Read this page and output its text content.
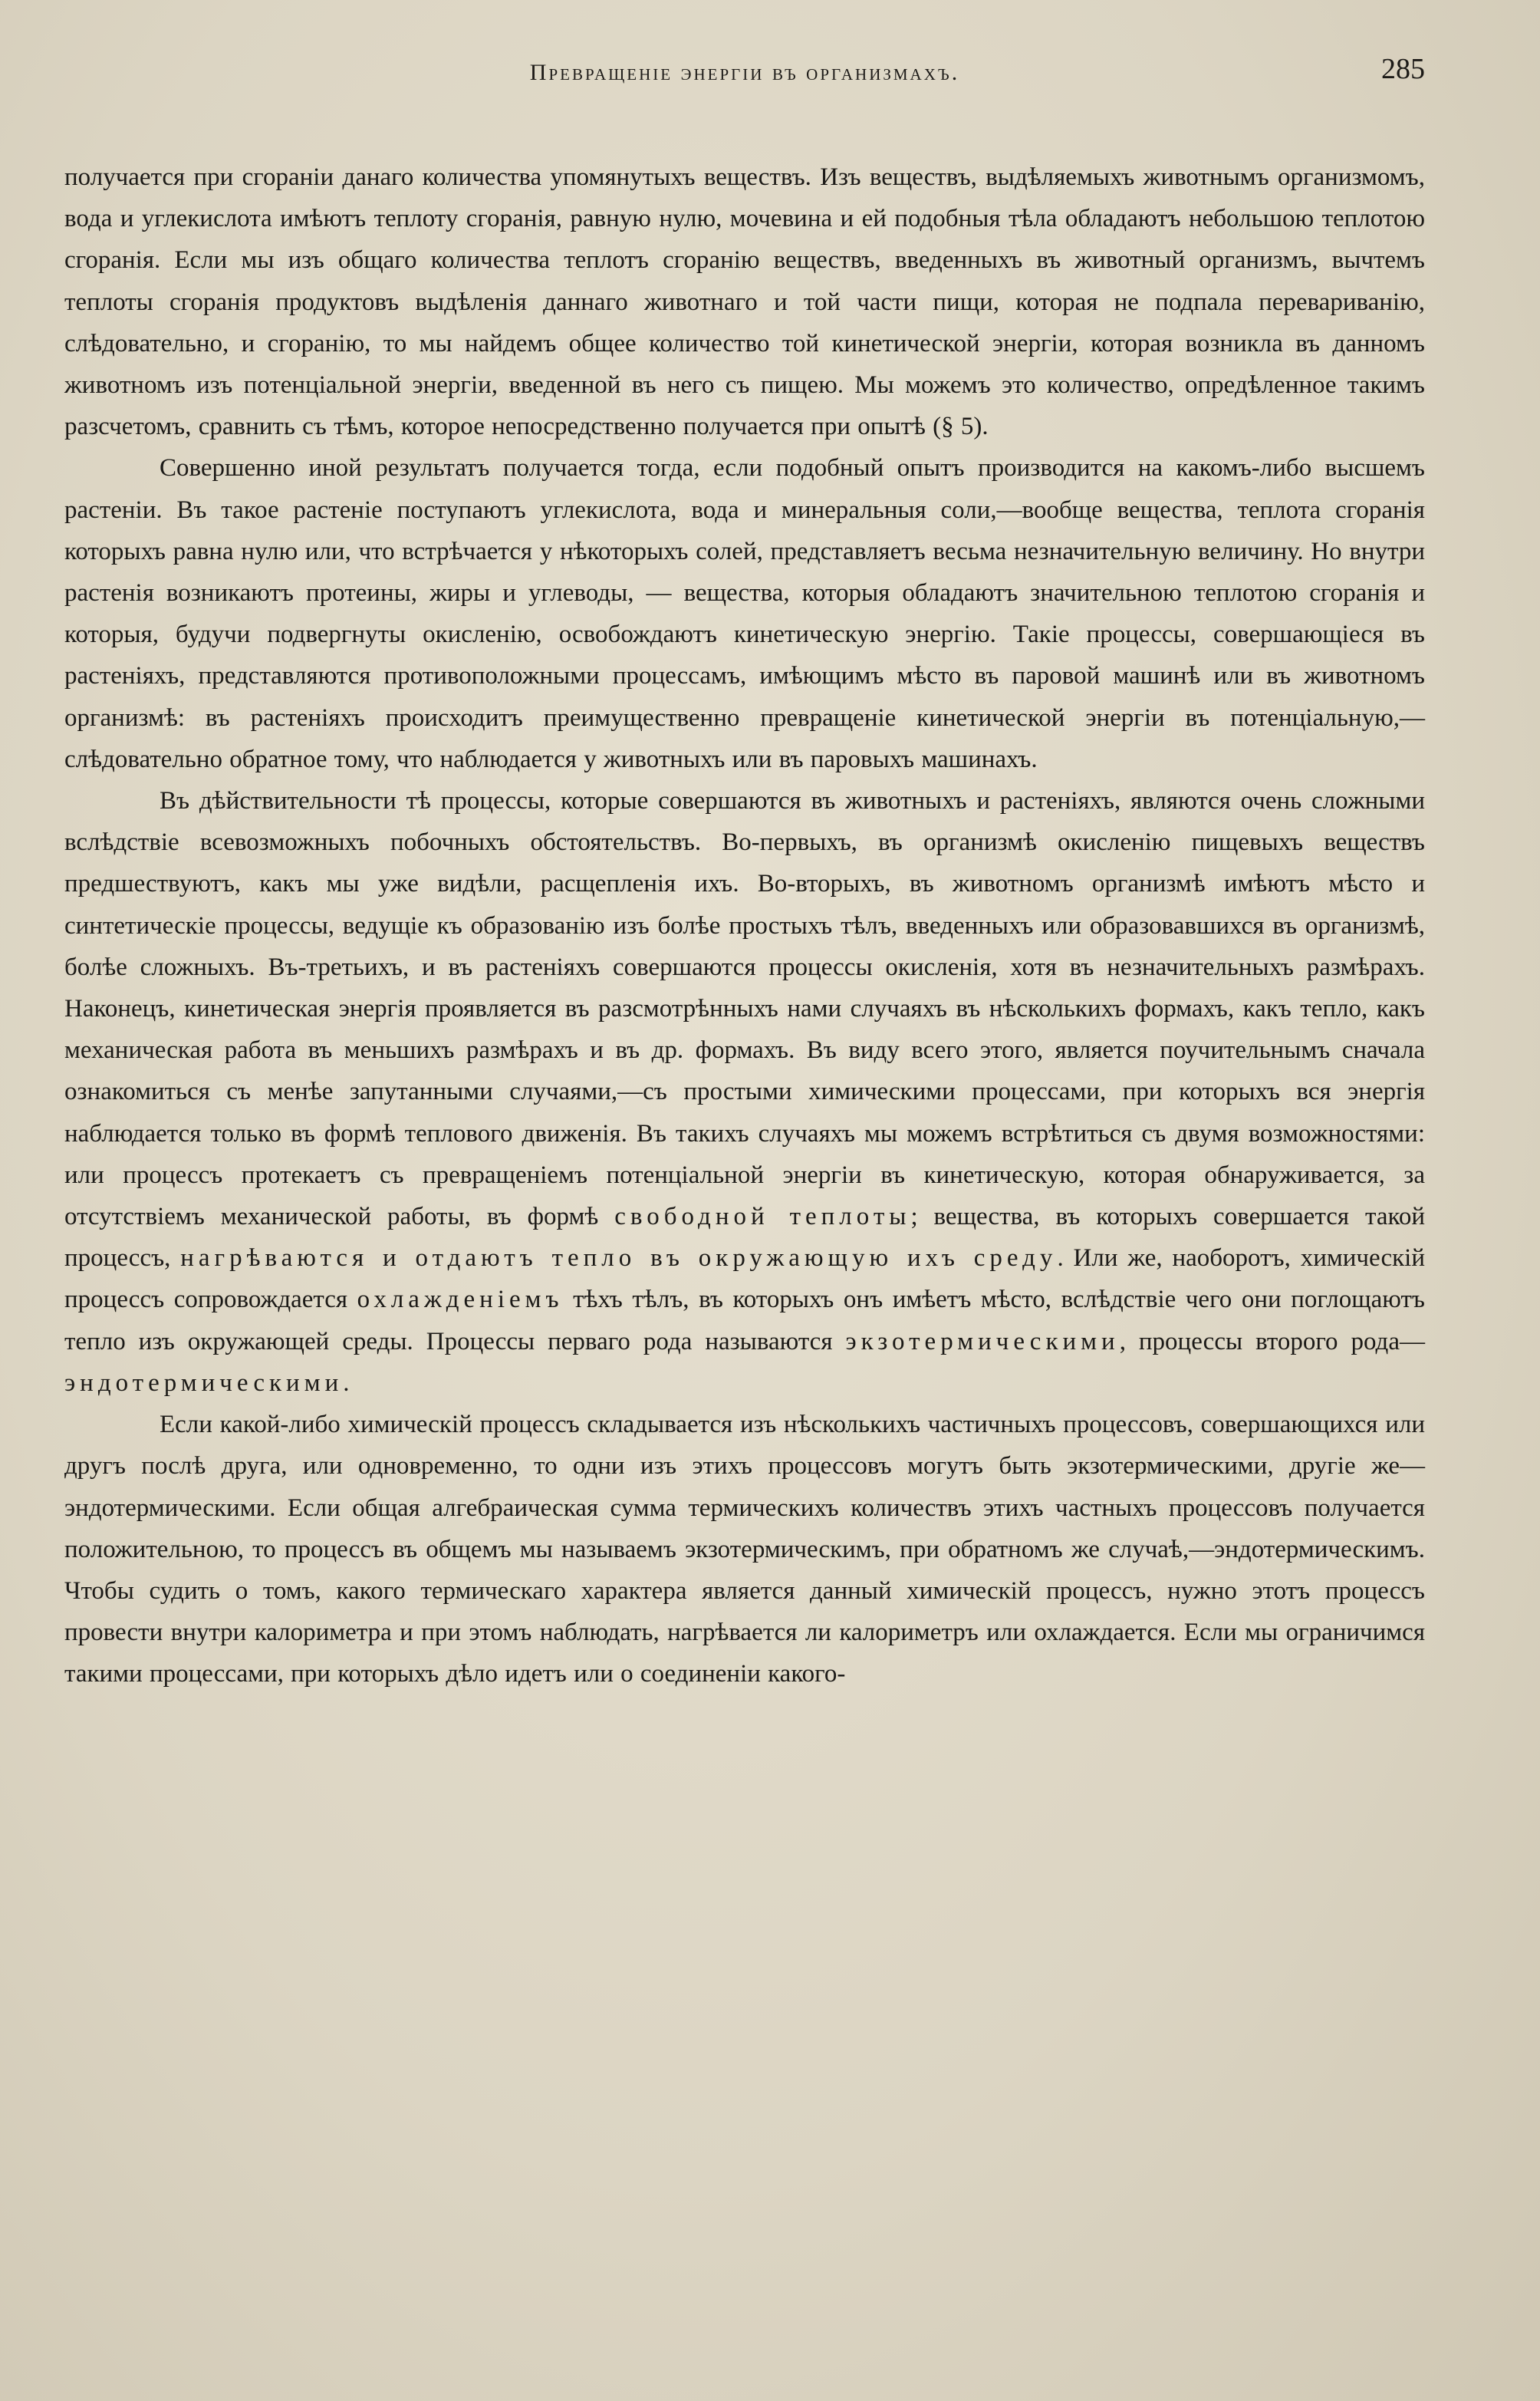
Превращеніе энергіи въ организмахъ.	285

получается при сгораніи данаго количества упомянутыхъ веществъ. Изъ веществъ, выдѣляемыхъ животнымъ организмомъ, вода и углекислота имѣютъ теплоту сгоранія, равную нулю, мочевина и ей подобныя тѣла обладаютъ небольшою теплотою сгоранія. Если мы изъ общаго количества теплотъ сгоранію веществъ, введенныхъ въ животный организмъ, вычтемъ теплоты сгоранія продуктовъ выдѣленія даннаго животнаго и той части пищи, которая не подпала перевариванію, слѣдовательно, и сгоранію, то мы найдемъ общее количество той кинетической энергіи, которая возникла въ данномъ животномъ изъ потенціальной энергіи, введенной въ него съ пищею. Мы можемъ это количество, опредѣленное такимъ разсчетомъ, сравнить съ тѣмъ, которое непосредственно получается при опытѣ (§ 5).

Совершенно иной результатъ получается тогда, если подобный опытъ производится на какомъ-либо высшемъ растеніи. Въ такое растеніе поступаютъ углекислота, вода и минеральныя соли,—вообще вещества, теплота сгоранія которыхъ равна нулю или, что встрѣчается у нѣкоторыхъ солей, представляетъ весьма незначительную величину. Но внутри растенія возникаютъ протеины, жиры и углеводы, — вещества, которыя обладаютъ значительною теплотою сгоранія и которыя, будучи подвергнуты окисленію, освобождаютъ кинетическую энергію. Такіе процессы, совершающіеся въ растеніяхъ, представляются противоположными процессамъ, имѣющимъ мѣсто въ паровой машинѣ или въ животномъ организмѣ: въ растеніяхъ происходитъ преимущественно превращеніе кинетической энергіи въ потенціальную,—слѣдовательно обратное тому, что наблюдается у животныхъ или въ паровыхъ машинахъ.

Въ дѣйствительности тѣ процессы, которые совершаются въ животныхъ и растеніяхъ, являются очень сложными вслѣдствіе всевозможныхъ побочныхъ обстоятельствъ. Во-первыхъ, въ организмѣ окисленію пищевыхъ веществъ предшествуютъ, какъ мы уже видѣли, расщепленія ихъ. Во-вторыхъ, въ животномъ организмѣ имѣютъ мѣсто и синтетическіе процессы, ведущіе къ образованію изъ болѣе простыхъ тѣлъ, введенныхъ или образовавшихся въ организмѣ, болѣе сложныхъ. Въ-третьихъ, и въ растеніяхъ совершаются процессы окисленія, хотя въ незначительныхъ размѣрахъ. Наконецъ, кинетическая энергія проявляется въ разсмотрѣнныхъ нами случаяхъ въ нѣсколькихъ формахъ, какъ тепло, какъ механическая работа въ меньшихъ размѣрахъ и въ др. формахъ. Въ виду всего этого, является поучительнымъ сначала ознакомиться съ менѣе запутанными случаями,—съ простыми химическими процессами, при которыхъ вся энергія наблюдается только въ формѣ теплового движенія. Въ такихъ случаяхъ мы можемъ встрѣтиться съ двумя возможностями: или процессъ протекаетъ съ превращеніемъ потенціальной энергіи въ кинетическую, которая обнаруживается, за отсутствіемъ механической работы, въ формѣ свободной теплоты; вещества, въ которыхъ совершается такой процессъ, нагрѣваются и отдаютъ тепло въ окружающую ихъ среду. Или же, наоборотъ, химическій процессъ сопровождается охлажденіемъ тѣхъ тѣлъ, въ которыхъ онъ имѣетъ мѣсто, вслѣдствіе чего они поглощаютъ тепло изъ окружающей среды. Процессы перваго рода называются экзотермическими, процессы второго рода—эндотермическими.

Если какой-либо химическій процессъ складывается изъ нѣсколькихъ частичныхъ процессовъ, совершающихся или другъ послѣ друга, или одновременно, то одни изъ этихъ процессовъ могутъ быть экзотермическими, другіе же—эндотермическими. Если общая алгебраическая сумма термическихъ количествъ этихъ частныхъ процессовъ получается положительною, то процессъ въ общемъ мы называемъ экзотермическимъ, при обратномъ же случаѣ,—эндотермическимъ. Чтобы судить о томъ, какого термическаго характера является данный химическій процессъ, нужно этотъ процессъ провести внутри калориметра и при этомъ наблюдать, нагрѣвается ли калориметръ или охлаждается. Если мы ограничимся такими процессами, при которыхъ дѣло идетъ или о соединеніи какого-
